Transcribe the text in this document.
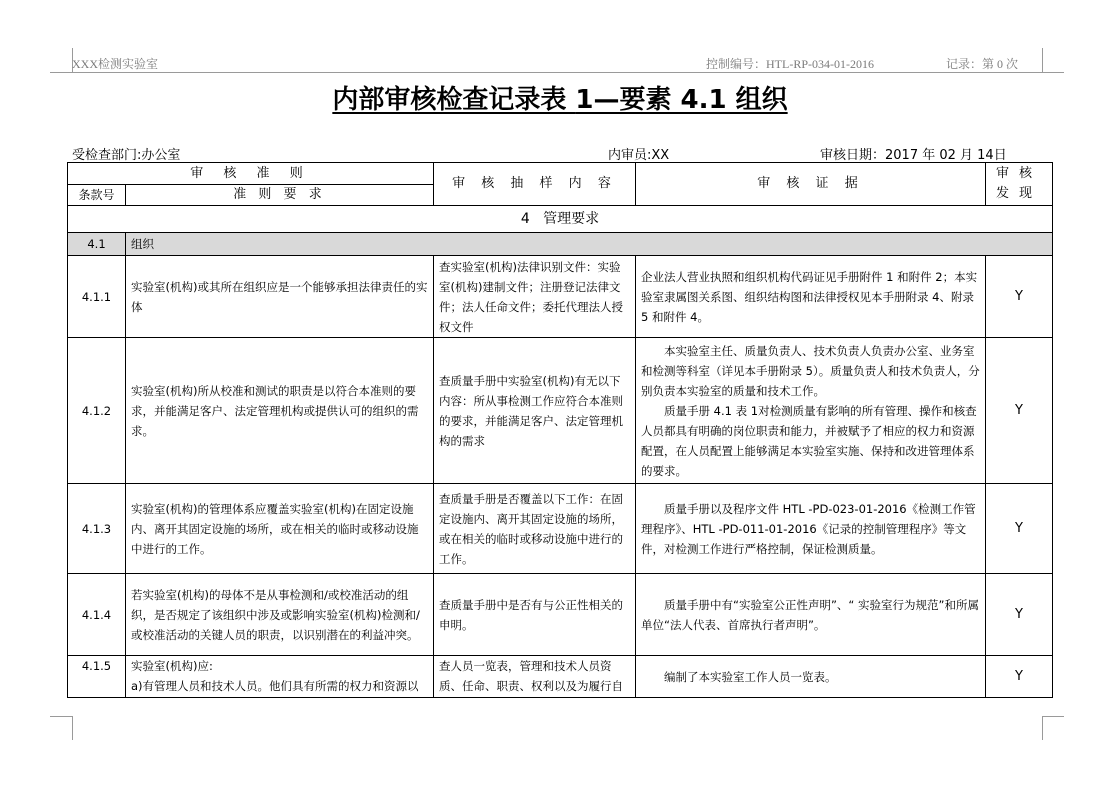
XXX检测实验室	控制编号：HTL-RP-034-01-2016	记录：第 0 次
内部审核检查记录表 1—要素 4.1 组织
受检查部门:办公室	内审员:XX	审核日期：2017 年 02 月 14日
审 核 准 则		审 核 抽 样 内 容	审 核 证 据	审核发现
条款号	准 则 要 求			
4   管理要求				
4.1	组织			
4.1.1	实验室(机构)或其所在组织应是一个能够承担法律责任的实体	查实验室(机构)法律识别文件：实验室(机构)建制文件；注册登记法律文件；法人任命文件；委托代理法人授权文件	企业法人营业执照和组织机构代码证见手册附件 1 和附件 2；本实验室隶属图关系图、组织结构图和法律授权见本手册附录 4、附录 5 和附件 4。	Y
4.1.2	实验室(机构)所从校准和测试的职责是以符合本准则的要求，并能满足客户、法定管理机构或提供认可的组织的需求。	查质量手册中实验室(机构)有无以下内容：所从事检测工作应符合本准则的要求，并能满足客户、法定管理机构的需求	本实验室主任、质量负责人、技术负责人负责办公室、业务室和检测等科室（详见本手册附录 5）。质量负责人和技术负责人，分别负责本实验室的质量和技术工作。

质量手册 4.1 表 1对检测质量有影响的所有管理、操作和核查人员都具有明确的岗位职责和能力，并被赋予了相应的权力和资源配置，在人员配置上能够满足本实验室实施、保持和改进管理体系的要求。	Y
4.1.3	实验室(机构)的管理体系应覆盖实验室(机构)在固定设施内、离开其固定设施的场所，或在相关的临时或移动设施中进行的工作。	查质量手册是否覆盖以下工作：在固定设施内、离开其固定设施的场所，或在相关的临时或移动设施中进行的工作。	质量手册以及程序文件 HTL -PD-023-01-2016《检测工作管理程序》、HTL -PD-011-01-2016《记录的控制管理程序》等文件，对检测工作进行严格控制，保证检测质量。	Y
4.1.4	若实验室(机构)的母体不是从事检测和/或校准活动的组织，是否规定了该组织中涉及或影响实验室(机构)检测和/或校准活动的关键人员的职责，以识别潜在的利益冲突。	查质量手册中是否有与公正性相关的申明。	质量手册中有“实验室公正性声明”、“ 实验室行为规范”和所属单位“法人代表、首席执行者声明”。	Y
4.1.5	实验室(机构)应:
a)有管理人员和技术人员。他们具有所需的权力和资源以	查人员一览表，管理和技术人员资质、任命、职责、权利以及为履行自	编制了本实验室工作人员一览表。	Y
